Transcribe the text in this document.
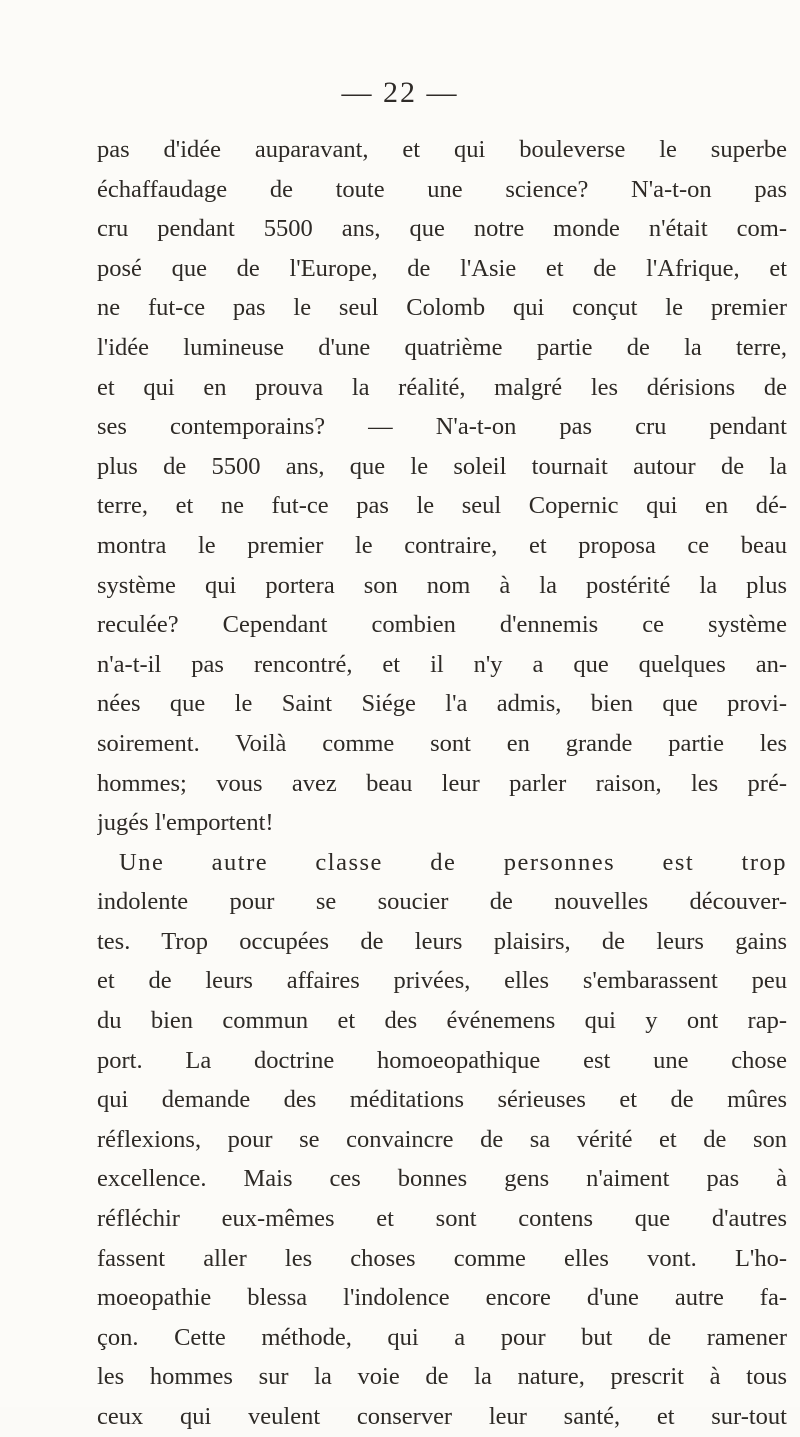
— 22 —
pas d'idée auparavant, et qui bouleverse le superbe
échaffaudage de toute une science? N'a-t-on pas
cru pendant 5500 ans, que notre monde n'était com-
posé que de l'Europe, de l'Asie et de l'Afrique, et
ne fut-ce pas le seul Colomb qui conçut le premier
l'idée lumineuse d'une quatrième partie de la terre,
et qui en prouva la réalité, malgré les dérisions de
ses contemporains? — N'a-t-on pas cru pendant
plus de 5500 ans, que le soleil tournait autour de la
terre, et ne fut-ce pas le seul Copernic qui en dé-
montra le premier le contraire, et proposa ce beau
système qui portera son nom à la postérité la plus
reculée? Cependant combien d'ennemis ce système
n'a-t-il pas rencontré, et il n'y a que quelques an-
nées que le Saint Siége l'a admis, bien que provi-
soirement. Voilà comme sont en grande partie les
hommes; vous avez beau leur parler raison, les pré-
jugés l'emportent!
Une autre classe de personnes est trop
indolente pour se soucier de nouvelles découver-
tes. Trop occupées de leurs plaisirs, de leurs gains
et de leurs affaires privées, elles s'embarassent peu
du bien commun et des événemens qui y ont rap-
port. La doctrine homoeopathique est une chose
qui demande des méditations sérieuses et de mûres
réflexions, pour se convaincre de sa vérité et de son
excellence. Mais ces bonnes gens n'aiment pas à
réfléchir eux-mêmes et sont contens que d'autres
fassent aller les choses comme elles vont. L'ho-
moeopathie blessa l'indolence encore d'une autre fa-
çon. Cette méthode, qui a pour but de ramener
les hommes sur la voie de la nature, prescrit à tous
ceux qui veulent conserver leur santé, et sur-tout
